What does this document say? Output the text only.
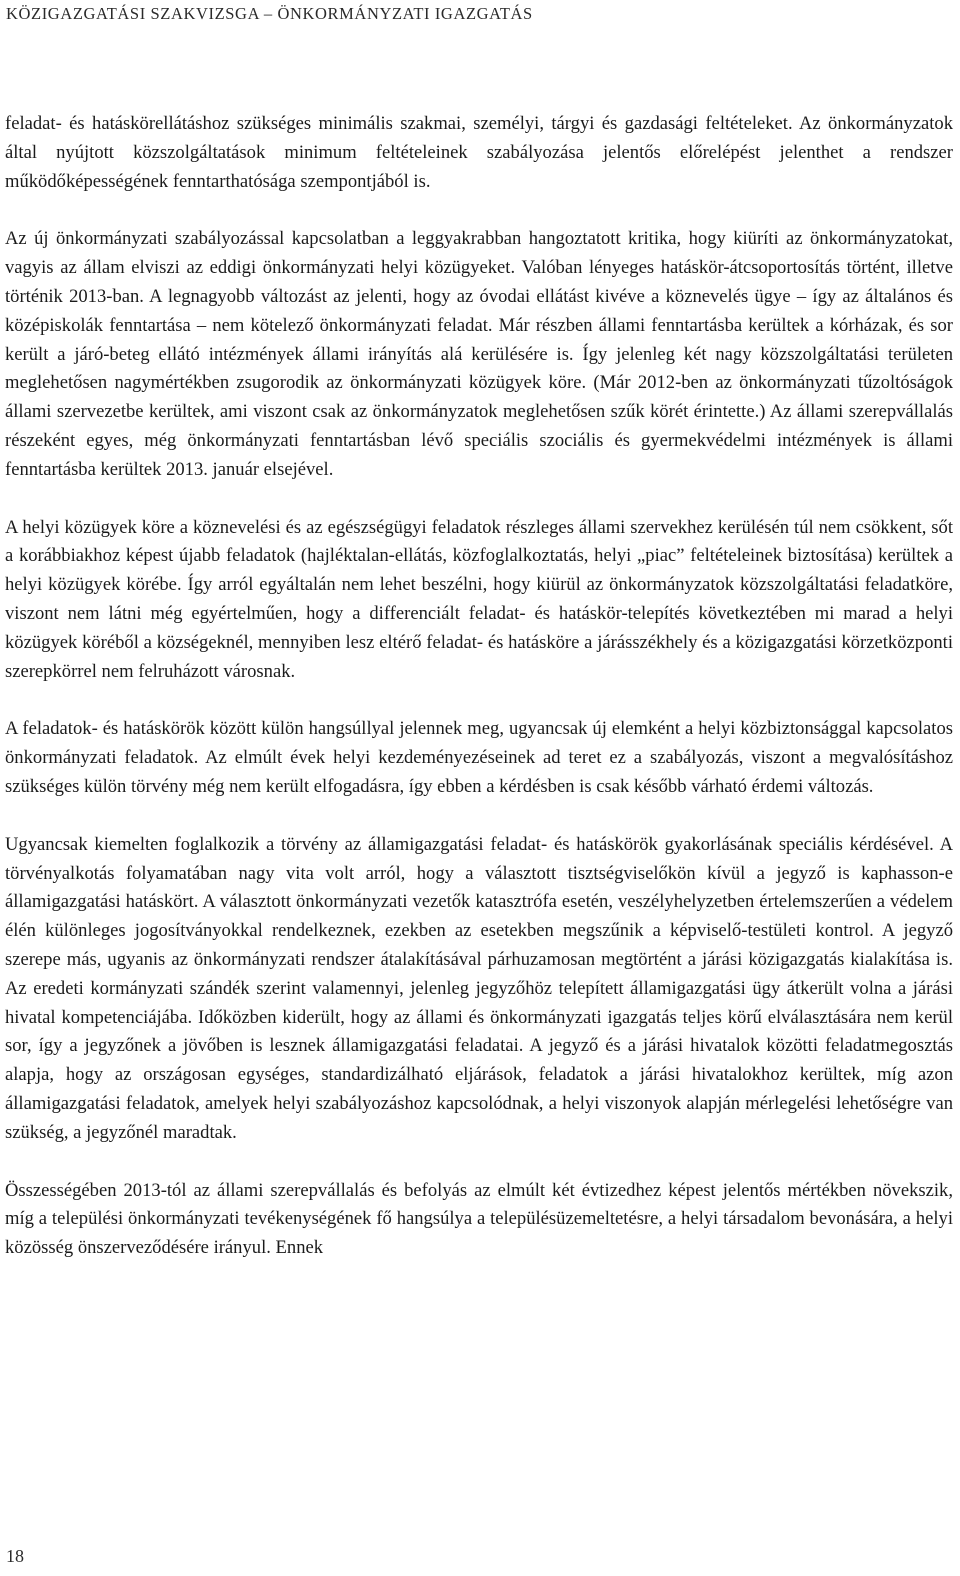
KÖZIGAZGATÁSI SZAKVIZSGA – ÖNKORMÁNYZATI IGAZGATÁS

feladat- és hatáskörellátáshoz szükséges minimális szakmai, személyi, tárgyi és gazdasági feltételeket. Az önkormányzatok által nyújtott közszolgáltatások minimum feltételeinek szabályozása jelentős előrelépést jelenthet a rendszer működőképességének fenntarthatósága szempontjából is.

Az új önkormányzati szabályozással kapcsolatban a leggyakrabban hangoztatott kritika, hogy kiüríti az önkormányzatokat, vagyis az állam elviszi az eddigi önkormányzati helyi közügyeket. Valóban lényeges hatáskör-átcsoportosítás történt, illetve történik 2013-ban. A legnagyobb változást az jelenti, hogy az óvodai ellátást kivéve a köznevelés ügye – így az általános és középiskolák fenntartása – nem kötelező önkormányzati feladat. Már részben állami fenntartásba kerültek a kórházak, és sor került a járó-beteg ellátó intézmények állami irányítás alá kerülésére is. Így jelenleg két nagy közszolgáltatási területen meglehetősen nagymértékben zsugorodik az önkormányzati közügyek köre. (Már 2012-ben az önkormányzati tűzoltóságok állami szervezetbe kerültek, ami viszont csak az önkormányzatok meglehetősen szűk körét érintette.) Az állami szerepvállalás részeként egyes, még önkormányzati fenntartásban lévő speciális szociális és gyermekvédelmi intézmények is állami fenntartásba kerültek 2013. január elsejével.

A helyi közügyek köre a köznevelési és az egészségügyi feladatok részleges állami szervekhez kerülésén túl nem csökkent, sőt a korábbiakhoz képest újabb feladatok (hajléktalan-ellátás, közfoglalkoztatás, helyi „piac” feltételeinek biztosítása) kerültek a helyi közügyek körébe. Így arról egyáltalán nem lehet beszélni, hogy kiürül az önkormányzatok közszolgáltatási feladatköre, viszont nem látni még egyértelműen, hogy a differenciált feladat- és hatáskör-telepítés következtében mi marad a helyi közügyek köréből a községeknél, mennyiben lesz eltérő feladat- és hatásköre a járásszékhely és a közigazgatási körzetközponti szerepkörrel nem felruházott városnak.

A feladatok- és hatáskörök között külön hangsúllyal jelennek meg, ugyancsak új elemként a helyi közbiztonsággal kapcsolatos önkormányzati feladatok. Az elmúlt évek helyi kezdeményezéseinek ad teret ez a szabályozás, viszont a megvalósításhoz szükséges külön törvény még nem került elfogadásra, így ebben a kérdésben is csak később várható érdemi változás.

Ugyancsak kiemelten foglalkozik a törvény az államigazgatási feladat- és hatáskörök gyakorlásának speciális kérdésével. A törvényalkotás folyamatában nagy vita volt arról, hogy a választott tisztségviselőkön kívül a jegyző is kaphasson-e államigazgatási hatáskört. A választott önkormányzati vezetők katasztrófa esetén, veszélyhelyzetben értelemszerűen a védelem élén különleges jogosítványokkal rendelkeznek, ezekben az esetekben megszűnik a képviselő-testületi kontrol. A jegyző szerepe más, ugyanis az önkormányzati rendszer átalakításával párhuzamosan megtörtént a járási közigazgatás kialakítása is. Az eredeti kormányzati szándék szerint valamennyi, jelenleg jegyzőhöz telepített államigazgatási ügy átkerült volna a járási hivatal kompetenciájába. Időközben kiderült, hogy az állami és önkormányzati igazgatás teljes körű elválasztására nem kerül sor, így a jegyzőnek a jövőben is lesznek államigazgatási feladatai. A jegyző és a járási hivatalok közötti feladatmegosztás alapja, hogy az országosan egységes, standardizálható eljárások, feladatok a járási hivatalokhoz kerültek, míg azon államigazgatási feladatok, amelyek helyi szabályozáshoz kapcsolódnak, a helyi viszonyok alapján mérlegelési lehetőségre van szükség, a jegyzőnél maradtak.

Összességében 2013-tól az állami szerepvállalás és befolyás az elmúlt két évtizedhez képest jelentős mértékben növekszik, míg a települési önkormányzati tevékenységének fő hangsúlya a településüzemeltetésre, a helyi társadalom bevonására, a helyi közösség önszerveződésére irányul. Ennek

18
